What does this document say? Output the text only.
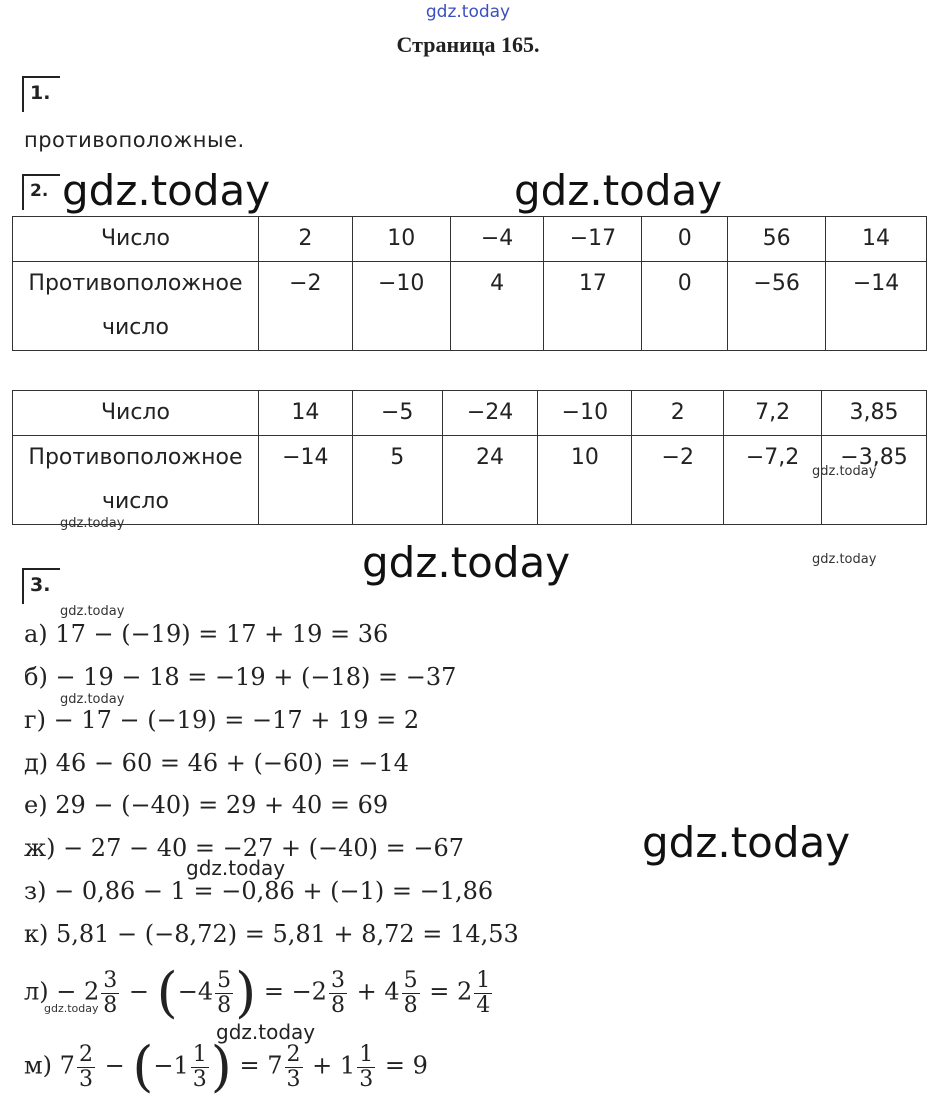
gdz.today
gdz.today	gdz.today
gdz.today
gdz.today
gdz.today
gdz.today
gdz.today
gdz.today
gdz.today
gdz.today
gdz.today
gdz.today
Страница 165.
1.
противоположные.
2.
Число	2	10	−4	−17	0	56	14

Противоположное
число	−2	−10	4	17	0	−56	−14
Число	14	−5	−24	−10	2	7,2	3,85

Противоположное
число	−14	5	24	10	−2	−7,2	−3,85
3.
а) 17 − (−19) = 17 + 19 = 36
б) − 19 − 18 = −19 + (−18) = −37
г) − 17 − (−19) = −17 + 19 = 2
д) 46 − 60 = 46 + (−60) = −14
е) 29 − (−40) = 29 + 40 = 69
ж) − 27 − 40 = −27 + (−40) = −67
з) − 0,86 − 1 = −0,86 + (−1) = −1,86
к) 5,81 − (−8,72) = 5,81 + 8,72 = 14,53
$л) - 2 \frac{3}{8} - (-4 \frac{5}{8}$ ) = $-2 \frac{3}{8} + 4 \frac{5}{8} = 2 \frac{1}{4}$
м) $7 \frac{2}{3} - (-1 \frac{1}{3}$ ) = $7 \frac{2}{3} + 1 \frac{1}{3} = 9$
